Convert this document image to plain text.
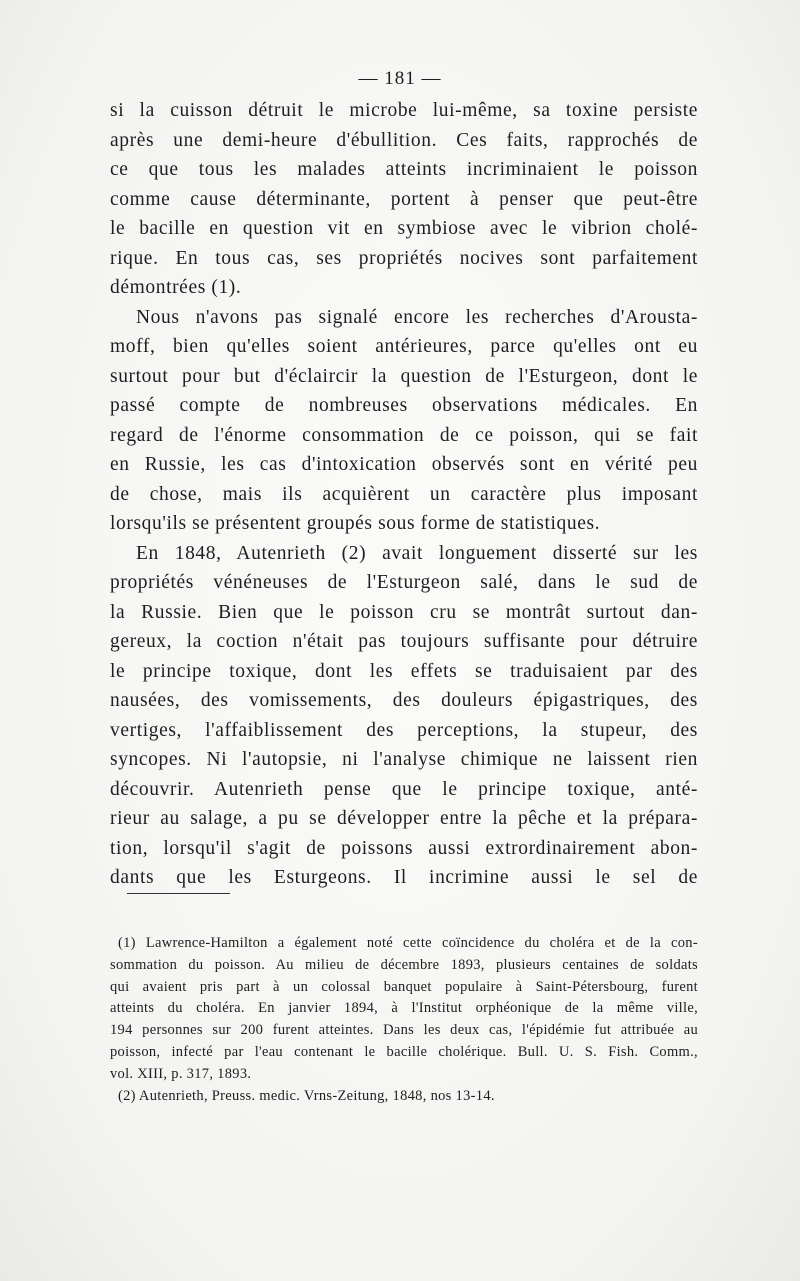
— 181 —
si la cuisson détruit le microbe lui-même, sa toxine persiste
après une demi-heure d'ébullition. Ces faits, rapprochés de
ce que tous les malades atteints incriminaient le poisson
comme cause déterminante, portent à penser que peut-être
le bacille en question vit en symbiose avec le vibrion cholé-
rique. En tous cas, ses propriétés nocives sont parfaitement
démontrées (1).
Nous n'avons pas signalé encore les recherches d'Arousta-
moff, bien qu'elles soient antérieures, parce qu'elles ont eu
surtout pour but d'éclaircir la question de l'Esturgeon, dont le
passé compte de nombreuses observations médicales. En
regard de l'énorme consommation de ce poisson, qui se fait
en Russie, les cas d'intoxication observés sont en vérité peu
de chose, mais ils acquièrent un caractère plus imposant
lorsqu'ils se présentent groupés sous forme de statistiques.
En 1848, Autenrieth (2) avait longuement disserté sur les
propriétés vénéneuses de l'Esturgeon salé, dans le sud de
la Russie. Bien que le poisson cru se montrât surtout dan-
gereux, la coction n'était pas toujours suffisante pour détruire
le principe toxique, dont les effets se traduisaient par des
nausées, des vomissements, des douleurs épigastriques, des
vertiges, l'affaiblissement des perceptions, la stupeur, des
syncopes. Ni l'autopsie, ni l'analyse chimique ne laissent rien
découvrir. Autenrieth pense que le principe toxique, anté-
rieur au salage, a pu se développer entre la pêche et la prépara-
tion, lorsqu'il s'agit de poissons aussi extrordinairement abon-
dants que les Esturgeons. Il incrimine aussi le sel de
(1) Lawrence-Hamilton a également noté cette coïncidence du choléra et de la con-
sommation du poisson. Au milieu de décembre 1893, plusieurs centaines de soldats
qui avaient pris part à un colossal banquet populaire à Saint-Pétersbourg, furent
atteints du choléra. En janvier 1894, à l'Institut orphéonique de la même ville,
194 personnes sur 200 furent atteintes. Dans les deux cas, l'épidémie fut attribuée au
poisson, infecté par l'eau contenant le bacille cholérique. Bull. U. S. Fish. Comm.,
vol. XIII, p. 317, 1893.
(2) Autenrieth, Preuss. medic. Vrns-Zeitung, 1848, nos 13-14.
